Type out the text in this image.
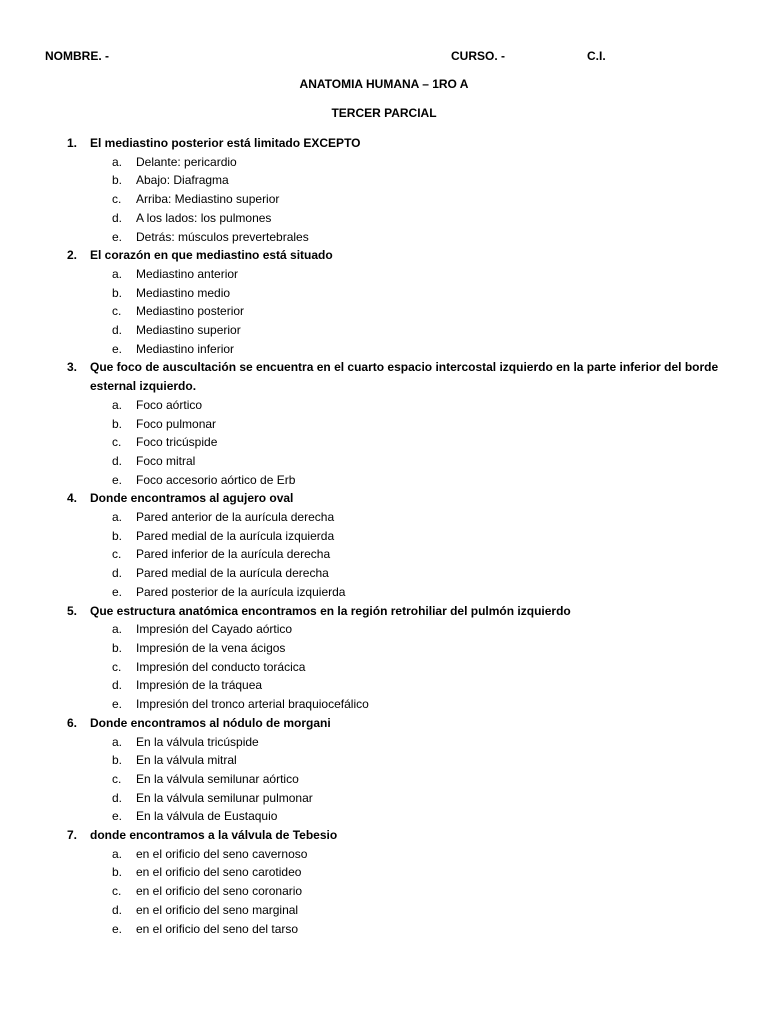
NOMBRE. -	CURSO. -	C.I.
ANATOMIA HUMANA – 1RO A
TERCER PARCIAL
1. El mediastino posterior está limitado EXCEPTO
a. Delante: pericardio
b. Abajo: Diafragma
c. Arriba: Mediastino superior
d. A los lados: los pulmones
e. Detrás: músculos prevertebrales
2. El corazón en que mediastino está situado
a. Mediastino anterior
b. Mediastino medio
c. Mediastino posterior
d. Mediastino superior
e. Mediastino inferior
3. Que foco de auscultación se encuentra en el cuarto espacio intercostal izquierdo en la parte inferior del borde esternal izquierdo.
a. Foco aórtico
b. Foco pulmonar
c. Foco tricúspide
d. Foco mitral
e. Foco accesorio aórtico de Erb
4. Donde encontramos al agujero oval
a. Pared anterior de la aurícula derecha
b. Pared medial de la aurícula izquierda
c. Pared inferior de la aurícula derecha
d. Pared medial de la aurícula derecha
e. Pared posterior de la aurícula izquierda
5. Que estructura anatómica encontramos en la región retrohiliar del pulmón izquierdo
a. Impresión del Cayado aórtico
b. Impresión de la vena ácigos
c. Impresión del conducto torácica
d. Impresión de la tráquea
e. Impresión del tronco arterial braquiocefálico
6. Donde encontramos al nódulo de morgani
a. En la válvula tricúspide
b. En la válvula mitral
c. En la válvula semilunar aórtico
d. En la válvula semilunar pulmonar
e. En la válvula de Eustaquio
7. donde encontramos a la válvula de Tebesio
a. en el orificio del seno cavernoso
b. en el orificio del seno carotideo
c. en el orificio del seno coronario
d. en el orificio del seno marginal
e. en el orificio del seno del tarso
